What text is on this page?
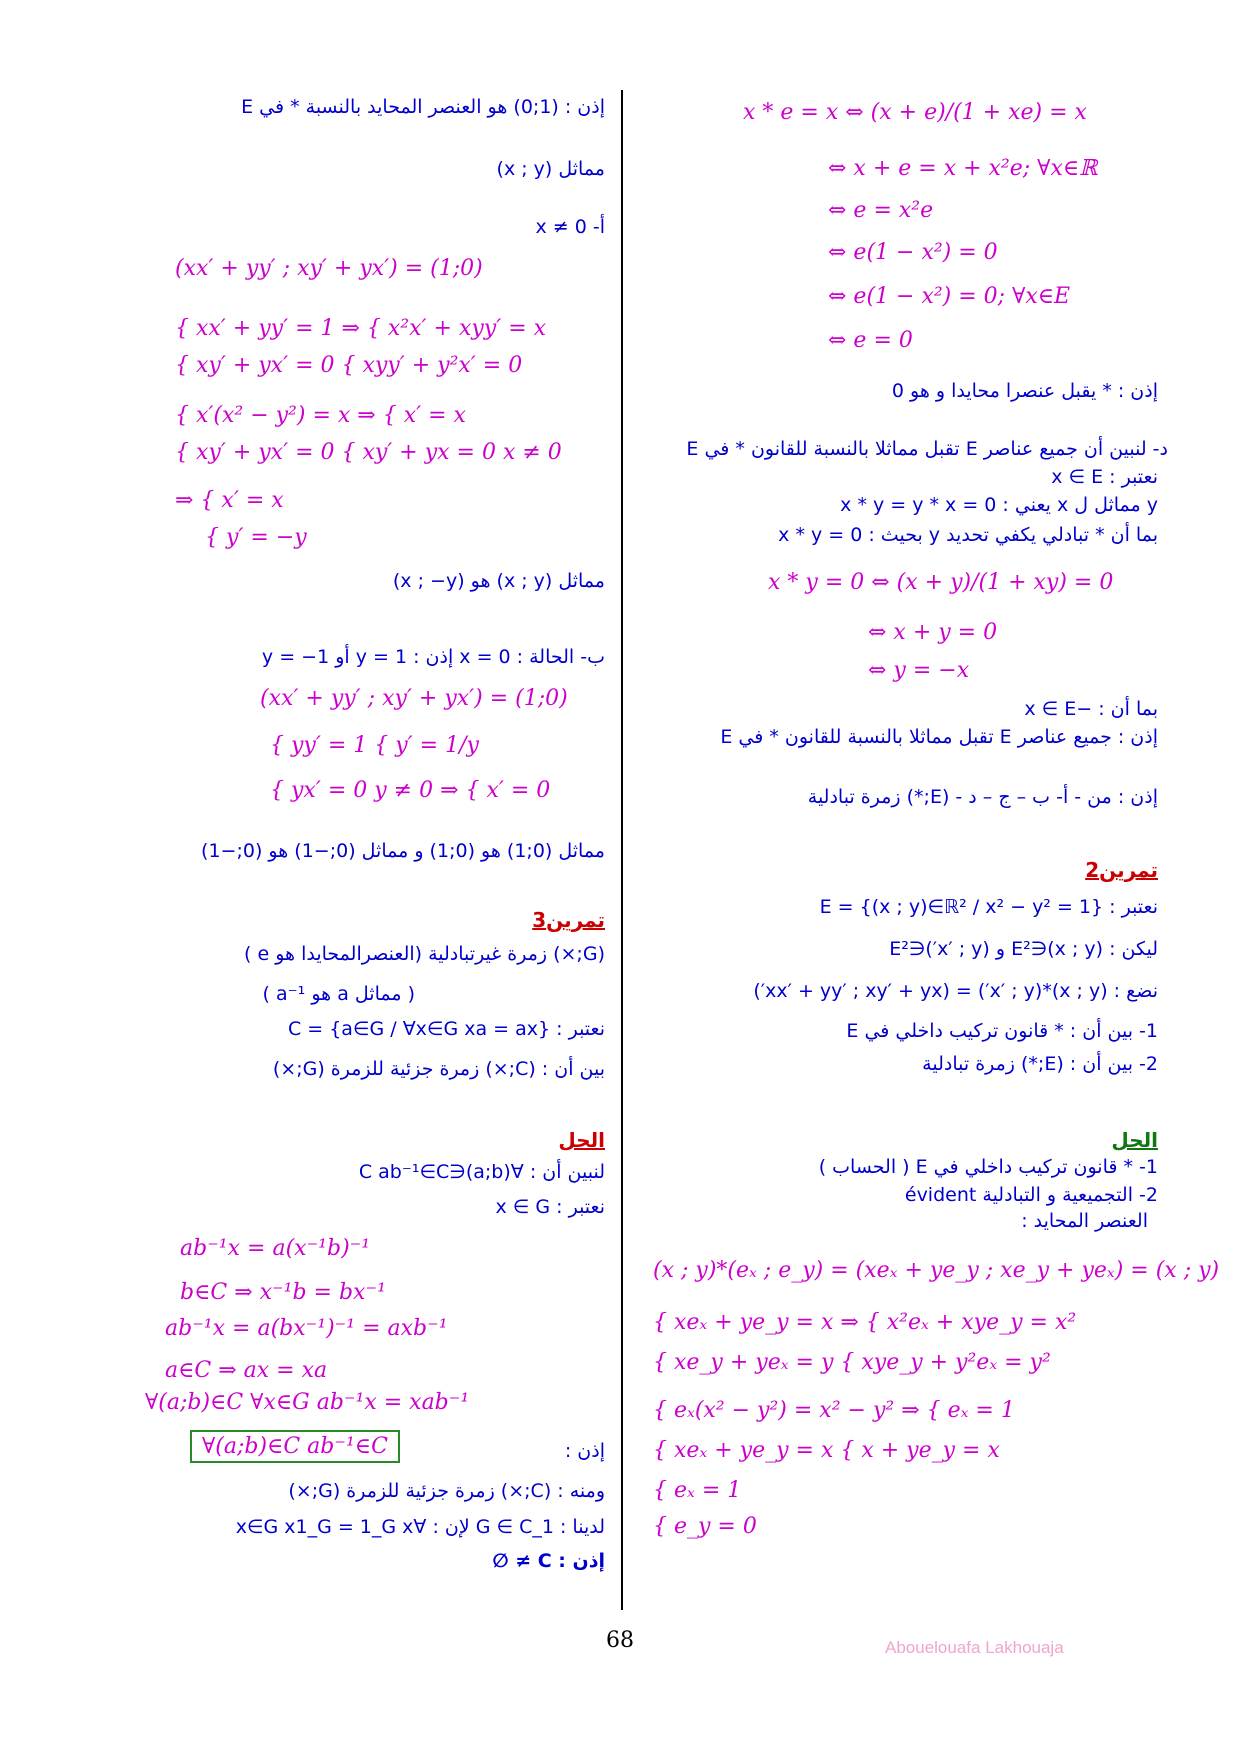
إذن : (1;0) هو العنصر المحايد بالنسبة * في E
مماثل (x ; y)
أ- x ≠ 0
(xx′ + yy′ ; xy′ + yx′) = (1;0)
{ xx′ + yy′ = 1 ⇒ { x²x′ + xyy′ = x
{ xy′ + yx′ = 0 { xyy′ + y²x′ = 0
{ x′(x² − y²) = x ⇒ { x′ = x
{ xy′ + yx′ = 0 { xy′ + yx = 0 x ≠ 0
⇒ { x′ = x
{ y′ = −y
مماثل (x ; y) هو (x ; −y)
ب- الحالة : x = 0 إذن : y = 1 أو y = −1
(xx′ + yy′ ; xy′ + yx′) = (1;0)
{ yy′ = 1 { y′ = 1/y
{ yx′ = 0 y ≠ 0 ⇒ { x′ = 0
مماثل (0;1) هو (0;1) و مماثل (0;−1) هو (0;−1)
تمرين3
(G;×) زمرة غيرتبادلية (العنصرالمحايدا هو e )
( مماثل a هو a⁻¹ )
نعتبر : C = {a∈G / ∀x∈G xa = ax}
بين أن : (C;×) زمرة جزئية للزمرة (G;×)
الحل
لنبين أن : ∀(a;b)∈C ab⁻¹∈C
نعتبر : x ∈ G
ab⁻¹x = a(x⁻¹b)⁻¹
b∈C ⇒ x⁻¹b = bx⁻¹
ab⁻¹x = a(bx⁻¹)⁻¹ = axb⁻¹
a∈C ⇒ ax = xa
∀(a;b)∈C ∀x∈G ab⁻¹x = xab⁻¹
إذن :
∀(a;b)∈C ab⁻¹∈C
ومنه : (C;×) زمرة جزئية للزمرة (G;×)
لدينا : 1_G ∈ C لإن : ∀x∈G x1_G = 1_G x
إذن : C ≠ ∅
x * e = x ⇔ (x + e)/(1 + xe) = x
⇔ x + e = x + x²e; ∀x∈ℝ
⇔ e = x²e
⇔ e(1 − x²) = 0
⇔ e(1 − x²) = 0; ∀x∈E
⇔ e = 0
إذن : * يقبل عنصرا محايدا و هو 0
د- لنبين أن جميع عناصر E تقبل مماثلا بالنسبة للقانون * في E
نعتبر : x ∈ E
y مماثل ل x يعني : x * y = y * x = 0
بما أن * تبادلي يكفي تحديد y بحيث : x * y = 0
x * y = 0 ⇔ (x + y)/(1 + xy) = 0
⇔ x + y = 0
⇔ y = −x
بما أن : −x ∈ E
إذن : جميع عناصر E تقبل مماثلا بالنسبة للقانون * في E
إذن : من - أ- ب – ج – د - (E;*) زمرة تبادلية
تمرين2
نعتبر : E = {(x ; y)∈ℝ² / x² − y² = 1}
ليكن : (x ; y)∈E² و (x′ ; y′)∈E²
نضع : (x ; y)*(x′ ; y′) = (xx′ + yy′ ; xy′ + yx′)
1- بين أن : * قانون تركيب داخلي في E
2- بين أن : (E;*) زمرة تبادلية
الحل
1- * قانون تركيب داخلي في E ( الحساب )
2- التجميعية و التبادلية évident
العنصر المحايد :
(x ; y)*(eₓ ; e_y) = (xeₓ + ye_y ; xe_y + yeₓ) = (x ; y)
{ xeₓ + ye_y = x ⇒ { x²eₓ + xye_y = x²
{ xe_y + yeₓ = y { xye_y + y²eₓ = y²
{ eₓ(x² − y²) = x² − y² ⇒ { eₓ = 1
{ xeₓ + ye_y = x { x + ye_y = x
{ eₓ = 1
{ e_y = 0
68	Abouelouafa Lakhouaja
